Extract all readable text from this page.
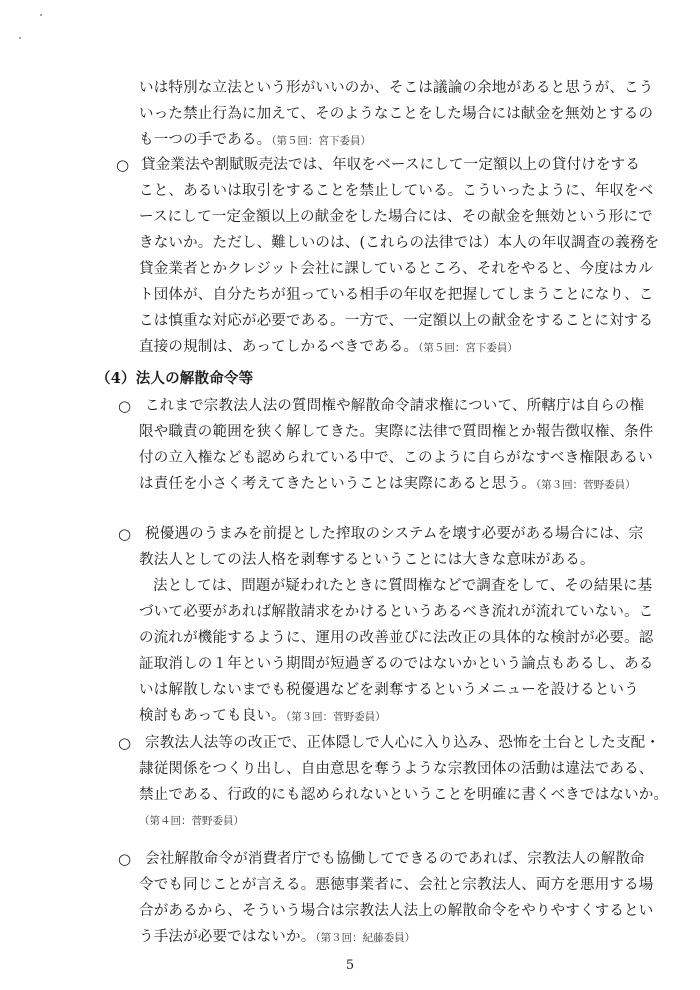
いは特別な立法という形がいいのか、そこは議論の余地があると思うが、こう
いった禁止行為に加えて、そのようなことをした場合には献金を無効とするの
も一つの手である。（第５回：宮下委員）
○ 貸金業法や割賦販売法では、年収をベースにして一定額以上の貸付けをする
こと、あるいは取引をすることを禁止している。こういったように、年収をベ
ースにして一定金額以上の献金をした場合には、その献金を無効という形にで
きないか。ただし、難しいのは、(これらの法律では）本人の年収調査の義務を
貸金業者とかクレジット会社に課しているところ、それをやると、今度はカル
ト団体が、自分たちが狙っている相手の年収を把握してしまうことになり、こ
こは慎重な対応が必要である。一方で、一定額以上の献金をすることに対する
直接の規制は、あってしかるべきである。（第５回：宮下委員）
（4）法人の解散命令等
○ これまで宗教法人法の質問権や解散命令請求権について、所轄庁は自らの権
限や職責の範囲を狭く解してきた。実際に法律で質問権とか報告徴収権、条件
付の立入権なども認められている中で、このように自らがなすべき権限あるい
は責任を小さく考えてきたということは実際にあると思う。（第３回：菅野委員）
○ 税優遇のうまみを前提とした搾取のシステムを壊す必要がある場合には、宗
教法人としての法人格を剥奪するということには大きな意味がある。
法としては、問題が疑われたときに質問権などで調査をして、その結果に基
づいて必要があれば解散請求をかけるというあるべき流れが流れていない。こ
の流れが機能するように、運用の改善並びに法改正の具体的な検討が必要。認
証取消しの１年という期間が短過ぎるのではないかという論点もあるし、ある
いは解散しないまでも税優遇などを剥奪するというメニューを設けるという
検討もあっても良い。（第３回：菅野委員）
○ 宗教法人法等の改正で、正体隠しで人心に入り込み、恐怖を土台とした支配・
隷従関係をつくり出し、自由意思を奪うような宗教団体の活動は違法である、
禁止である、行政的にも認められないということを明確に書くべきではないか。
（第４回：菅野委員）
○ 会社解散命令が消費者庁でも協働してできるのであれば、宗教法人の解散命
令でも同じことが言える。悪徳事業者に、会社と宗教法人、両方を悪用する場
合があるから、そういう場合は宗教法人法上の解散命令をやりやすくするとい
う手法が必要ではないか。（第３回：紀藤委員）
5
